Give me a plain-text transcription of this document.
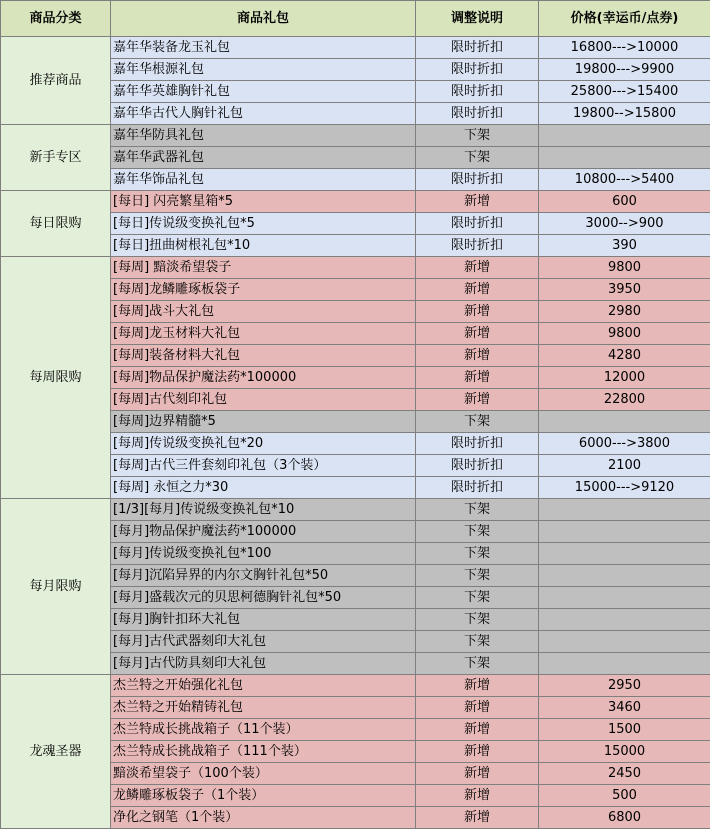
商品分类	商品礼包	调整说明	价格(幸运币/点券)
推荐商品	嘉年华装备龙玉礼包	限时折扣	16800--->10000
	嘉年华根源礼包	限时折扣	19800--->9900
	嘉年华英雄胸针礼包	限时折扣	25800--->15400
	嘉年华古代人胸针礼包	限时折扣	19800-->15800
新手专区	嘉年华防具礼包	下架	
	嘉年华武器礼包	下架	
	嘉年华饰品礼包	限时折扣	10800--->5400
每日限购	[每日] 闪亮繁星箱*5	新增	600
	[每日]传说级变换礼包*5	限时折扣	3000-->900
	[每日]扭曲树根礼包*10	限时折扣	390
每周限购	[每周] 黯淡希望袋子	新增	9800
	[每周]龙鳞雕琢板袋子	新增	3950
	[每周]战斗大礼包	新增	2980
	[每周]龙玉材料大礼包	新增	9800
	[每周]装备材料大礼包	新增	4280
	[每周]物品保护魔法药*100000	新增	12000
	[每周]古代刻印礼包	新增	22800
	[每周]边界精髓*5	下架	
	[每周]传说级变换礼包*20	限时折扣	6000--->3800
	[每周]古代三件套刻印礼包（3个装）	限时折扣	2100
	[每周] 永恒之力*30	限时折扣	15000--->9120
每月限购	[1/3][每月]传说级变换礼包*10	下架	
	[每月]物品保护魔法药*100000	下架	
	[每月]传说级变换礼包*100	下架	
	[每月]沉陷异界的内尔文胸针礼包*50	下架	
	[每月]盛载次元的贝思柯德胸针礼包*50	下架	
	[每月]胸针扣环大礼包	下架	
	[每月]古代武器刻印大礼包	下架	
	[每月]古代防具刻印大礼包	下架	
龙魂圣器	杰兰特之开始强化礼包	新增	2950
	杰兰特之开始精铸礼包	新增	3460
	杰兰特成长挑战箱子（11个装）	新增	1500
	杰兰特成长挑战箱子（111个装）	新增	15000
	黯淡希望袋子（100个装）	新增	2450
	龙鳞雕琢板袋子（1个装）	新增	500
	净化之钢笔（1个装）	新增	6800
